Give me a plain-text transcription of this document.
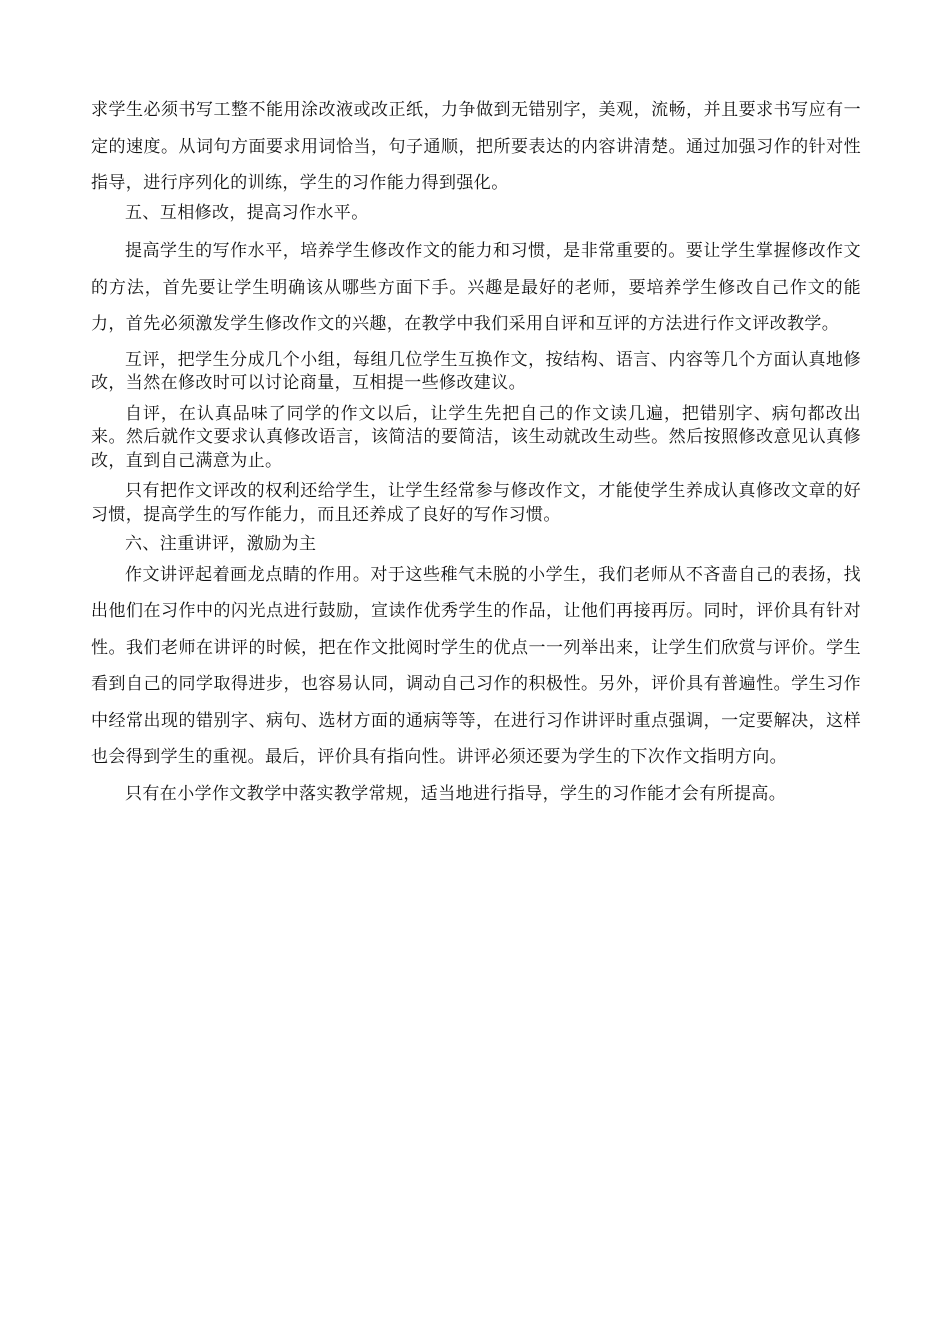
求学生必须书写工整不能用涂改液或改正纸，力争做到无错别字，美观，流畅，并且要求书写应有一定的速度。从词句方面要求用词恰当，句子通顺，把所要表达的内容讲清楚。通过加强习作的针对性指导，进行序列化的训练，学生的习作能力得到强化。

五、互相修改，提高习作水平。

提高学生的写作水平，培养学生修改作文的能力和习惯，是非常重要的。要让学生掌握修改作文的方法，首先要让学生明确该从哪些方面下手。兴趣是最好的老师，要培养学生修改自己作文的能力，首先必须激发学生修改作文的兴趣，在教学中我们采用自评和互评的方法进行作文评改教学。

互评，把学生分成几个小组，每组几位学生互换作文，按结构、语言、内容等几个方面认真地修改，当然在修改时可以讨论商量，互相提一些修改建议。

自评，在认真品味了同学的作文以后，让学生先把自己的作文读几遍，把错别字、病句都改出来。然后就作文要求认真修改语言，该简洁的要简洁，该生动就改生动些。然后按照修改意见认真修改，直到自己满意为止。

只有把作文评改的权利还给学生，让学生经常参与修改作文，才能使学生养成认真修改文章的好习惯，提高学生的写作能力，而且还养成了良好的写作习惯。

六、注重讲评，激励为主

作文讲评起着画龙点睛的作用。对于这些稚气未脱的小学生，我们老师从不吝啬自己的表扬，找出他们在习作中的闪光点进行鼓励，宣读作优秀学生的作品，让他们再接再厉。同时，评价具有针对性。我们老师在讲评的时候，把在作文批阅时学生的优点一一列举出来，让学生们欣赏与评价。学生看到自己的同学取得进步，也容易认同，调动自己习作的积极性。另外，评价具有普遍性。学生习作中经常出现的错别字、病句、选材方面的通病等等，在进行习作讲评时重点强调，一定要解决，这样也会得到学生的重视。最后，评价具有指向性。讲评必须还要为学生的下次作文指明方向。

只有在小学作文教学中落实教学常规，适当地进行指导，学生的习作能才会有所提高。
